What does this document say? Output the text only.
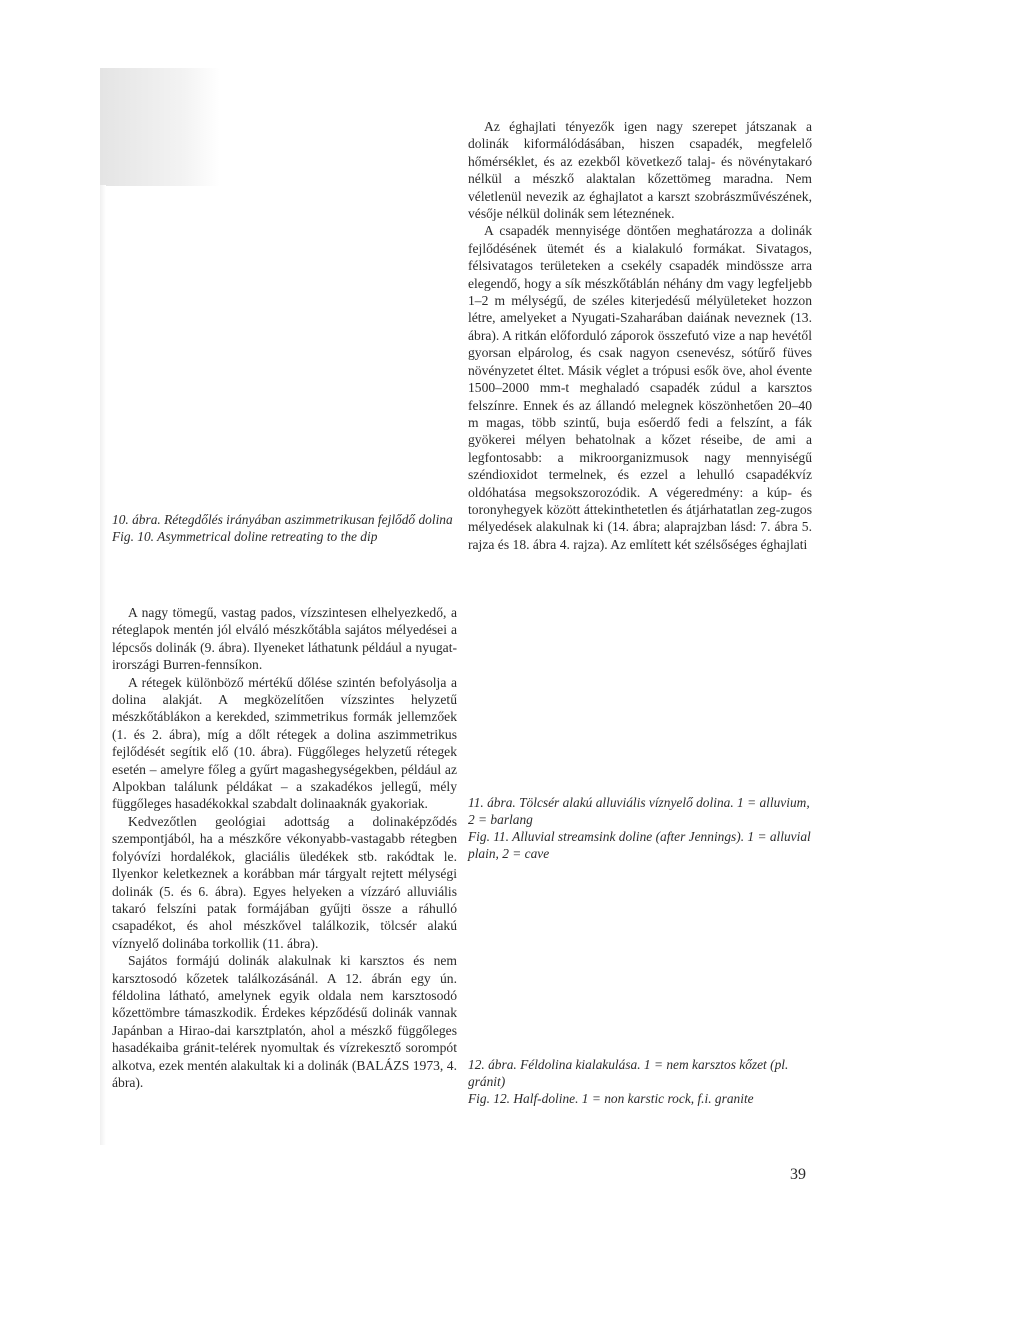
Az éghajlati tényezők igen nagy szerepet játszanak a dolinák kiformálódásában, hiszen csapadék, megfelelő hőmérséklet, és az ezekből következő talaj- és növénytakaró nélkül a mészkő alaktalan kőzettömeg maradna. Nem véletlenül nevezik az éghajlatot a karszt szobrászművészének, vésője nélkül dolinák sem léteznének.

A csapadék mennyisége döntően meghatározza a dolinák fejlődésének ütemét és a kialakuló formákat. Sivatagos, félsivatagos területeken a csekély csapadék mindössze arra elegendő, hogy a sík mészkőtáblán néhány dm vagy legfeljebb 1–2 m mélységű, de széles kiterjedésű mélyületeket hozzon létre, amelyeket a Nyugati-Szaharában daiának neveznek (13. ábra). A ritkán előforduló záporok összefutó vize a nap hevétől gyorsan elpárolog, és csak nagyon csenevész, sótűrő füves növényzetet éltet. Másik véglet a trópusi esők öve, ahol évente 1500–2000 mm-t meghaladó csapadék zúdul a karsztos felszínre. Ennek és az állandó melegnek köszönhetően 20–40 m magas, több szintű, buja esőerdő fedi a felszínt, a fák gyökerei mélyen behatolnak a kőzet réseibe, de ami a legfontosabb: a mikroorganizmusok nagy mennyiségű széndioxidot termelnek, és ezzel a lehulló csapadékvíz oldóhatása megsokszorozódik. A végeredmény: a kúp- és toronyhegyek között áttekinthetetlen és átjárhatatlan zeg-zugos mélyedések alakulnak ki (14. ábra; alaprajzban lásd: 7. ábra 5. rajza és 18. ábra 4. rajza). Az említett két szélsőséges éghajlati

10. ábra. Rétegdőlés irányában aszimmetrikusan fejlődő dolina

Fig. 10. Asymmetrical doline retreating to the dip

A nagy tömegű, vastag pados, vízszintesen elhelyezkedő, a réteglapok mentén jól elváló mészkőtábla sajátos mélyedései a lépcsős dolinák (9. ábra). Ilyeneket láthatunk például a nyugat-irországi Burren-fennsíkon.

A rétegek különböző mértékű dőlése szintén befolyásolja a dolina alakját. A megközelítően vízszintes helyzetű mészkőtáblákon a kerekded, szimmetrikus formák jellemzőek (1. és 2. ábra), míg a dőlt rétegek a dolina aszimmetrikus fejlődését segítik elő (10. ábra). Függőleges helyzetű rétegek esetén – amelyre főleg a gyűrt magashegységekben, például az Alpokban találunk példákat – a szakadékos jellegű, mély függőleges hasadékokkal szabdalt dolinaaknák gyakoriak.

Kedvezőtlen geológiai adottság a dolinaképződés szempontjából, ha a mészkőre vékonyabb-vastagabb rétegben folyóvízi hordalékok, glaciális üledékek stb. rakódtak le. Ilyenkor keletkeznek a korábban már tárgyalt rejtett mélységi dolinák (5. és 6. ábra). Egyes helyeken a vízzáró alluviális takaró felszíni patak formájában gyűjti össze a ráhulló csapadékot, és ahol mészkővel találkozik, tölcsér alakú víznyelő dolinába torkollik (11. ábra).

Sajátos formájú dolinák alakulnak ki karsztos és nem karsztosodó kőzetek találkozásánál. A 12. ábrán egy ún. féldolina látható, amelynek egyik oldala nem karsztosodó kőzettömbre támaszkodik. Érdekes képződésű dolinák vannak Japánban a Hirao-dai karsztplatón, ahol a mészkő függőleges hasadékaiba gránit-telérek nyomultak és vízrekesztő sorompót alkotva, ezek mentén alakultak ki a dolinák (BALÁZS 1973, 4. ábra).

11. ábra. Tölcsér alakú alluviális víznyelő dolina. 1 = alluvium, 2 = barlang

Fig. 11. Alluvial streamsink doline (after Jennings). 1 = alluvial plain, 2 = cave

12. ábra. Féldolina kialakulása. 1 = nem karsztos kőzet (pl. gránit)

Fig. 12. Half-doline. 1 = non karstic rock, f.i. granite

39
